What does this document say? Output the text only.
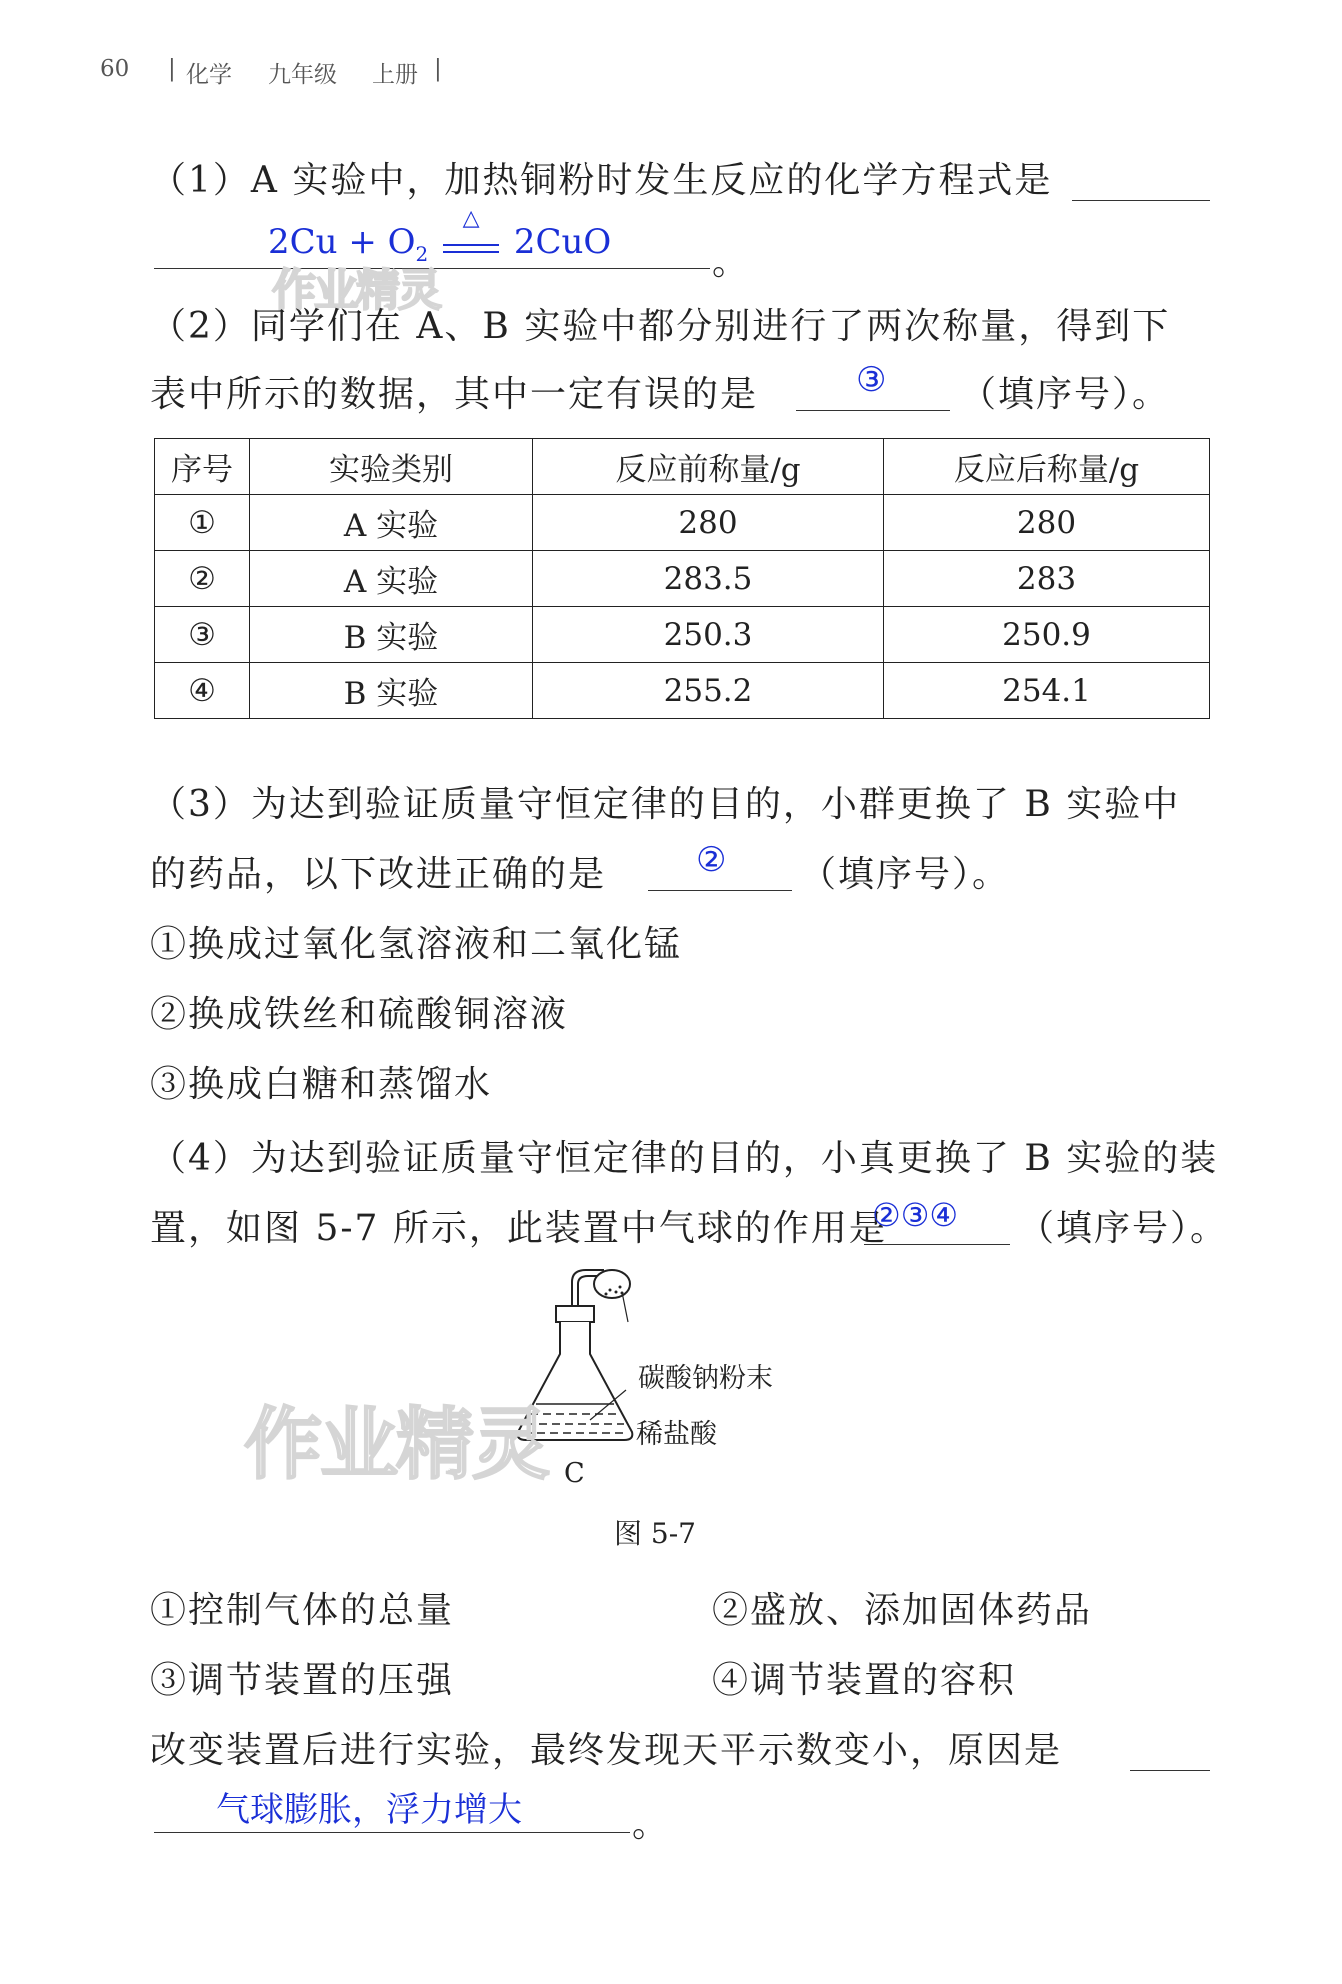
60 | 化学 九年级 上册 |
（1）A 实验中，加热铜粉时发生反应的化学方程式是
$2Cu + O_2$
△
2CuO	。
作业精灵
（2）同学们在 A、B 实验中都分别进行了两次称量，得到下
表中所示的数据，其中一定有误的是	③ （填序号）。
序号	实验类别	反应前称量/g	反应后称量/g
①	A 实验	280	280
②	A 实验	283.5	283
③	B 实验	250.3	250.9
④	B 实验	255.2	254.1
（3）为达到验证质量守恒定律的目的，小群更换了 B 实验中
的药品，以下改进正确的是	② （填序号）。
①换成过氧化氢溶液和二氧化锰
②换成铁丝和硫酸铜溶液
③换成白糖和蒸馏水
（4）为达到验证质量守恒定律的目的，小真更换了 B 实验的装
置，如图 5-7 所示，此装置中气球的作用是
②③④ （填序号）。
碳酸钠粉末
稀盐酸
C
图 5-7
作业精灵
①控制气体的总量	②盛放、添加固体药品
③调节装置的压强	④调节装置的容积
改变装置后进行实验，最终发现天平示数变小，原因是
气球膨胀，浮力增大	。
